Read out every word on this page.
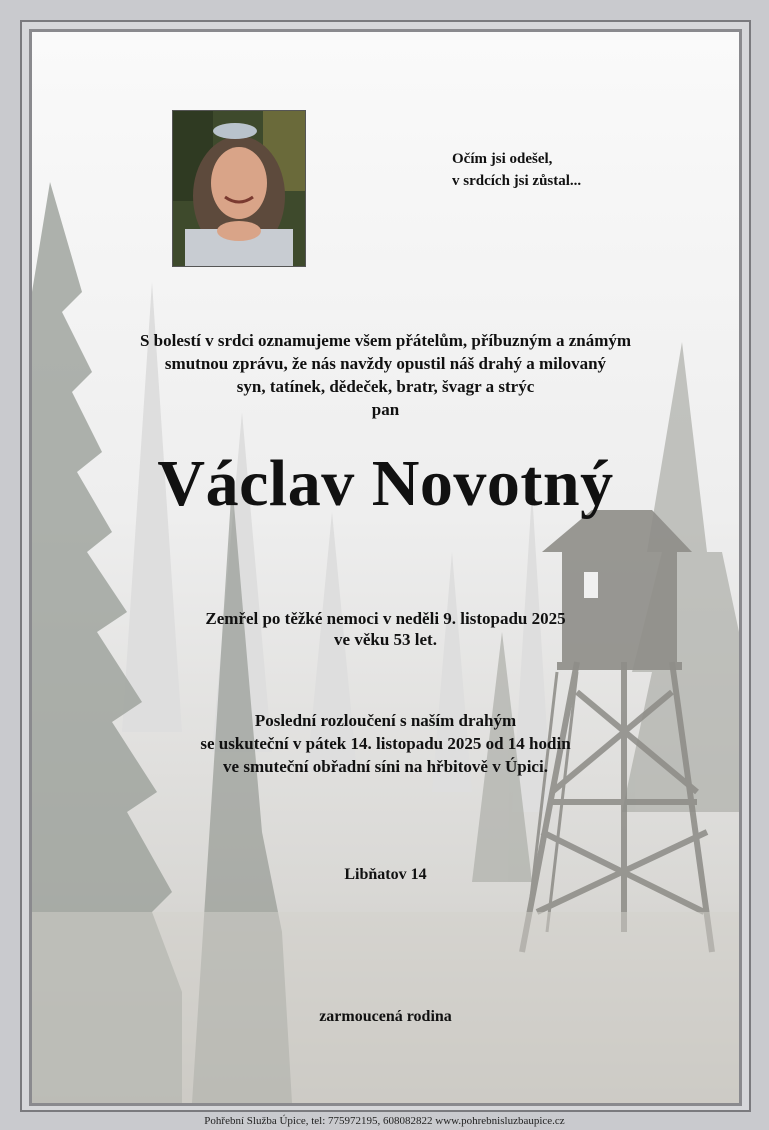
Očím jsi odešel,
v srdcích jsi zůstal...
S bolestí v srdci oznamujeme všem přátelům, příbuzným a známým
smutnou zprávu, že nás navždy opustil náš drahý a milovaný
syn, tatínek, dědeček, bratr, švagr a strýc
pan
Václav Novotný
Zemřel po těžké nemoci v neděli 9. listopadu 2025
ve věku 53 let.
Poslední rozloučení s naším drahým
se uskuteční v pátek 14. listopadu 2025 od 14 hodin
ve smuteční obřadní síni na hřbitově v Úpici.
Libňatov 14
zarmoucená rodina
Pohřební Služba Úpice, tel: 775972195, 608082822 www.pohrebnisluzbaupice.cz
